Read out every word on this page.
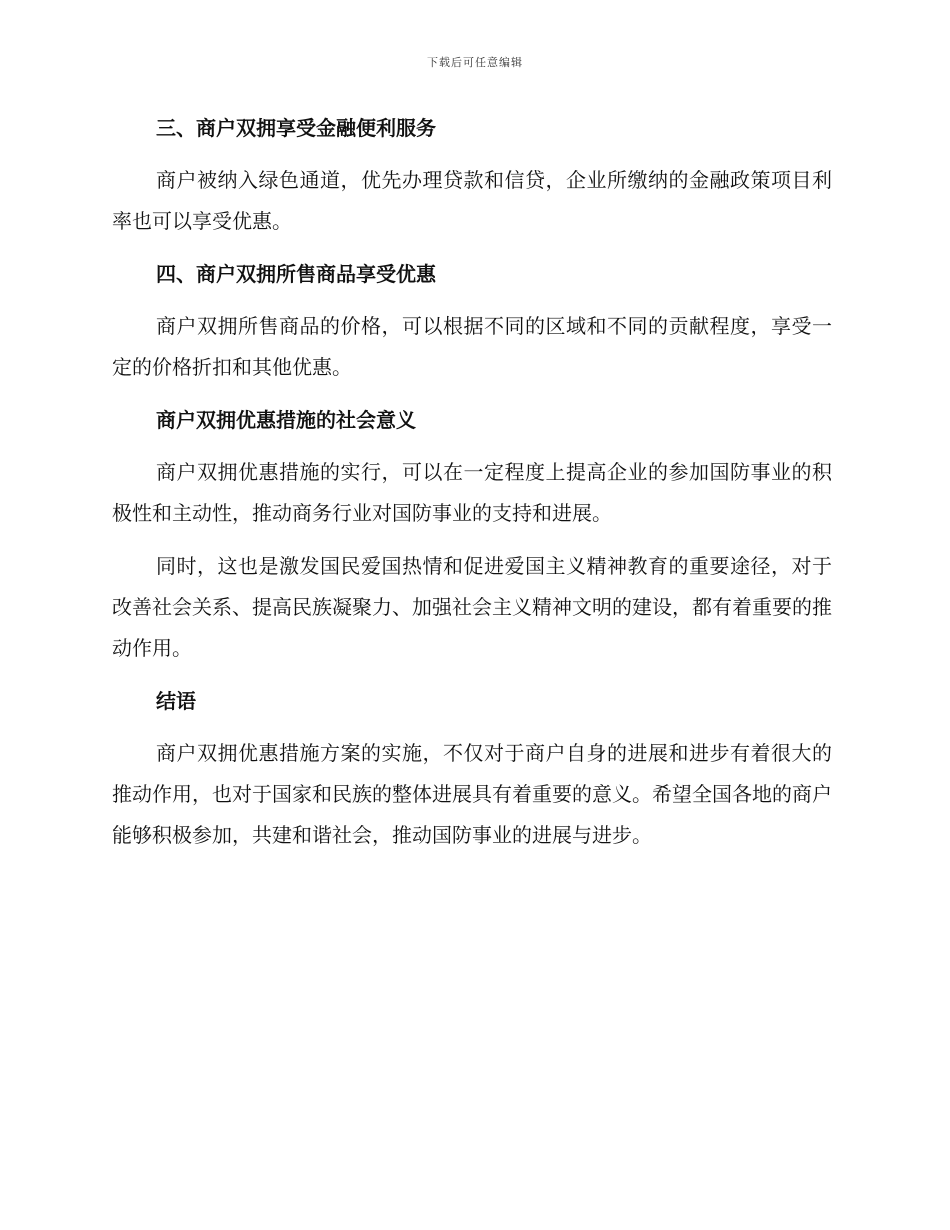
下载后可任意编辑
三、商户双拥享受金融便利服务

商户被纳入绿色通道，优先办理贷款和信贷，企业所缴纳的金融政策项目利率也可以享受优惠。

四、商户双拥所售商品享受优惠

商户双拥所售商品的价格，可以根据不同的区域和不同的贡献程度，享受一定的价格折扣和其他优惠。

商户双拥优惠措施的社会意义

商户双拥优惠措施的实行，可以在一定程度上提高企业的参加国防事业的积极性和主动性，推动商务行业对国防事业的支持和进展。

同时，这也是激发国民爱国热情和促进爱国主义精神教育的重要途径，对于改善社会关系、提高民族凝聚力、加强社会主义精神文明的建设，都有着重要的推动作用。

结语

商户双拥优惠措施方案的实施，不仅对于商户自身的进展和进步有着很大的推动作用，也对于国家和民族的整体进展具有着重要的意义。希望全国各地的商户能够积极参加，共建和谐社会，推动国防事业的进展与进步。
